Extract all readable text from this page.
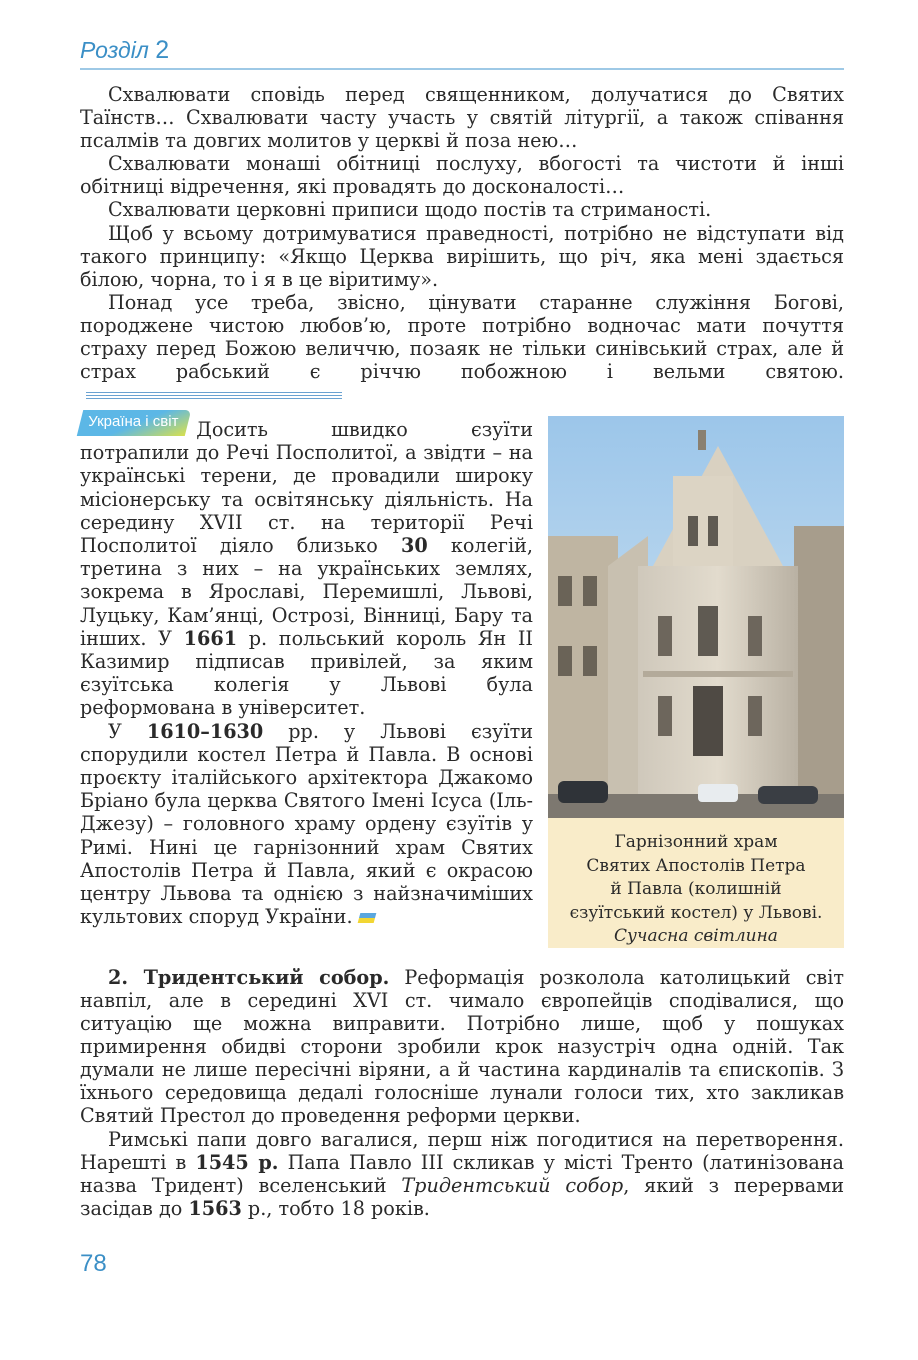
Розділ 2

Схвалювати сповідь перед священником, долучатися до Святих Таїнств… Схвалювати часту участь у святій літургії, а також співання псалмів та довгих молитов у церкві й поза нею…

Схвалювати монаші обітниці послуху, вбогості та чистоти й інші обітниці відречення, які провадять до досконалості…

Схвалювати церковні приписи щодо постів та стриманості.

Щоб у всьому дотримуватися праведності, потрібно не відступати від такого принципу: «Якщо Церква вирішить, що річ, яка мені здається білою, чорна, то і я в це віритиму».

Понад усе треба, звісно, цінувати старанне служіння Богові, породжене чистою любов’ю, проте потрібно водночас мати почуття страху перед Божою величчю, позаяк не тільки синівський страх, але й страх рабський є річчю побожною і вельми святою.

Україна і світ Досить швидко єзуїти потрапили до Речі Посполитої, а звідти – на українські терени, де провадили широку місіонерську та освітянську діяльність. На середину XVII ст. на території Речі Посполитої діяло близько 30 колегій, третина з них – на українських землях, зокрема в Ярославі, Перемишлі, Львові, Луцьку, Кам’янці, Острозі, Вінниці, Бару та інших. У 1661 р. польський король Ян II Казимир підписав привілей, за яким єзуїтська колегія у Львові була реформована в університет.

У 1610–1630 рр. у Львові єзуїти спорудили костел Петра й Павла. В основі проєкту італійського архітектора Джакомо Бріано була церква Святого Імені Ісуса (Іль-Джезу) – головного храму ордену єзуїтів у Римі. Нині це гарнізонний храм Святих Апостолів Петра й Павла, який є окрасою центру Львова та однією з найзначиміших культових споруд України.

Гарнізонний храм
Святих Апостолів Петра
й Павла (колишній
єзуїтський костел) у Львові.
Сучасна світлина

2. Тридентський собор. Реформація розколола католицький світ навпіл, але в середині XVI ст. чимало європейців сподівалися, що ситуацію ще можна виправити. Потрібно лише, щоб у пошуках примирення обидві сторони зробили крок назустріч одна одній. Так думали не лише пересічні віряни, а й частина кардиналів та єпископів. З їхнього середовища дедалі голосніше лунали голоси тих, хто закликав Святий Престол до проведення реформи церкви.

Римські папи довго вагалися, перш ніж погодитися на перетворення. Нарешті в 1545 р. Папа Павло III скликав у місті Тренто (латинізована назва Тридент) вселенський Тридентський собор, який з перервами засідав до 1563 р., тобто 18 років.

78
